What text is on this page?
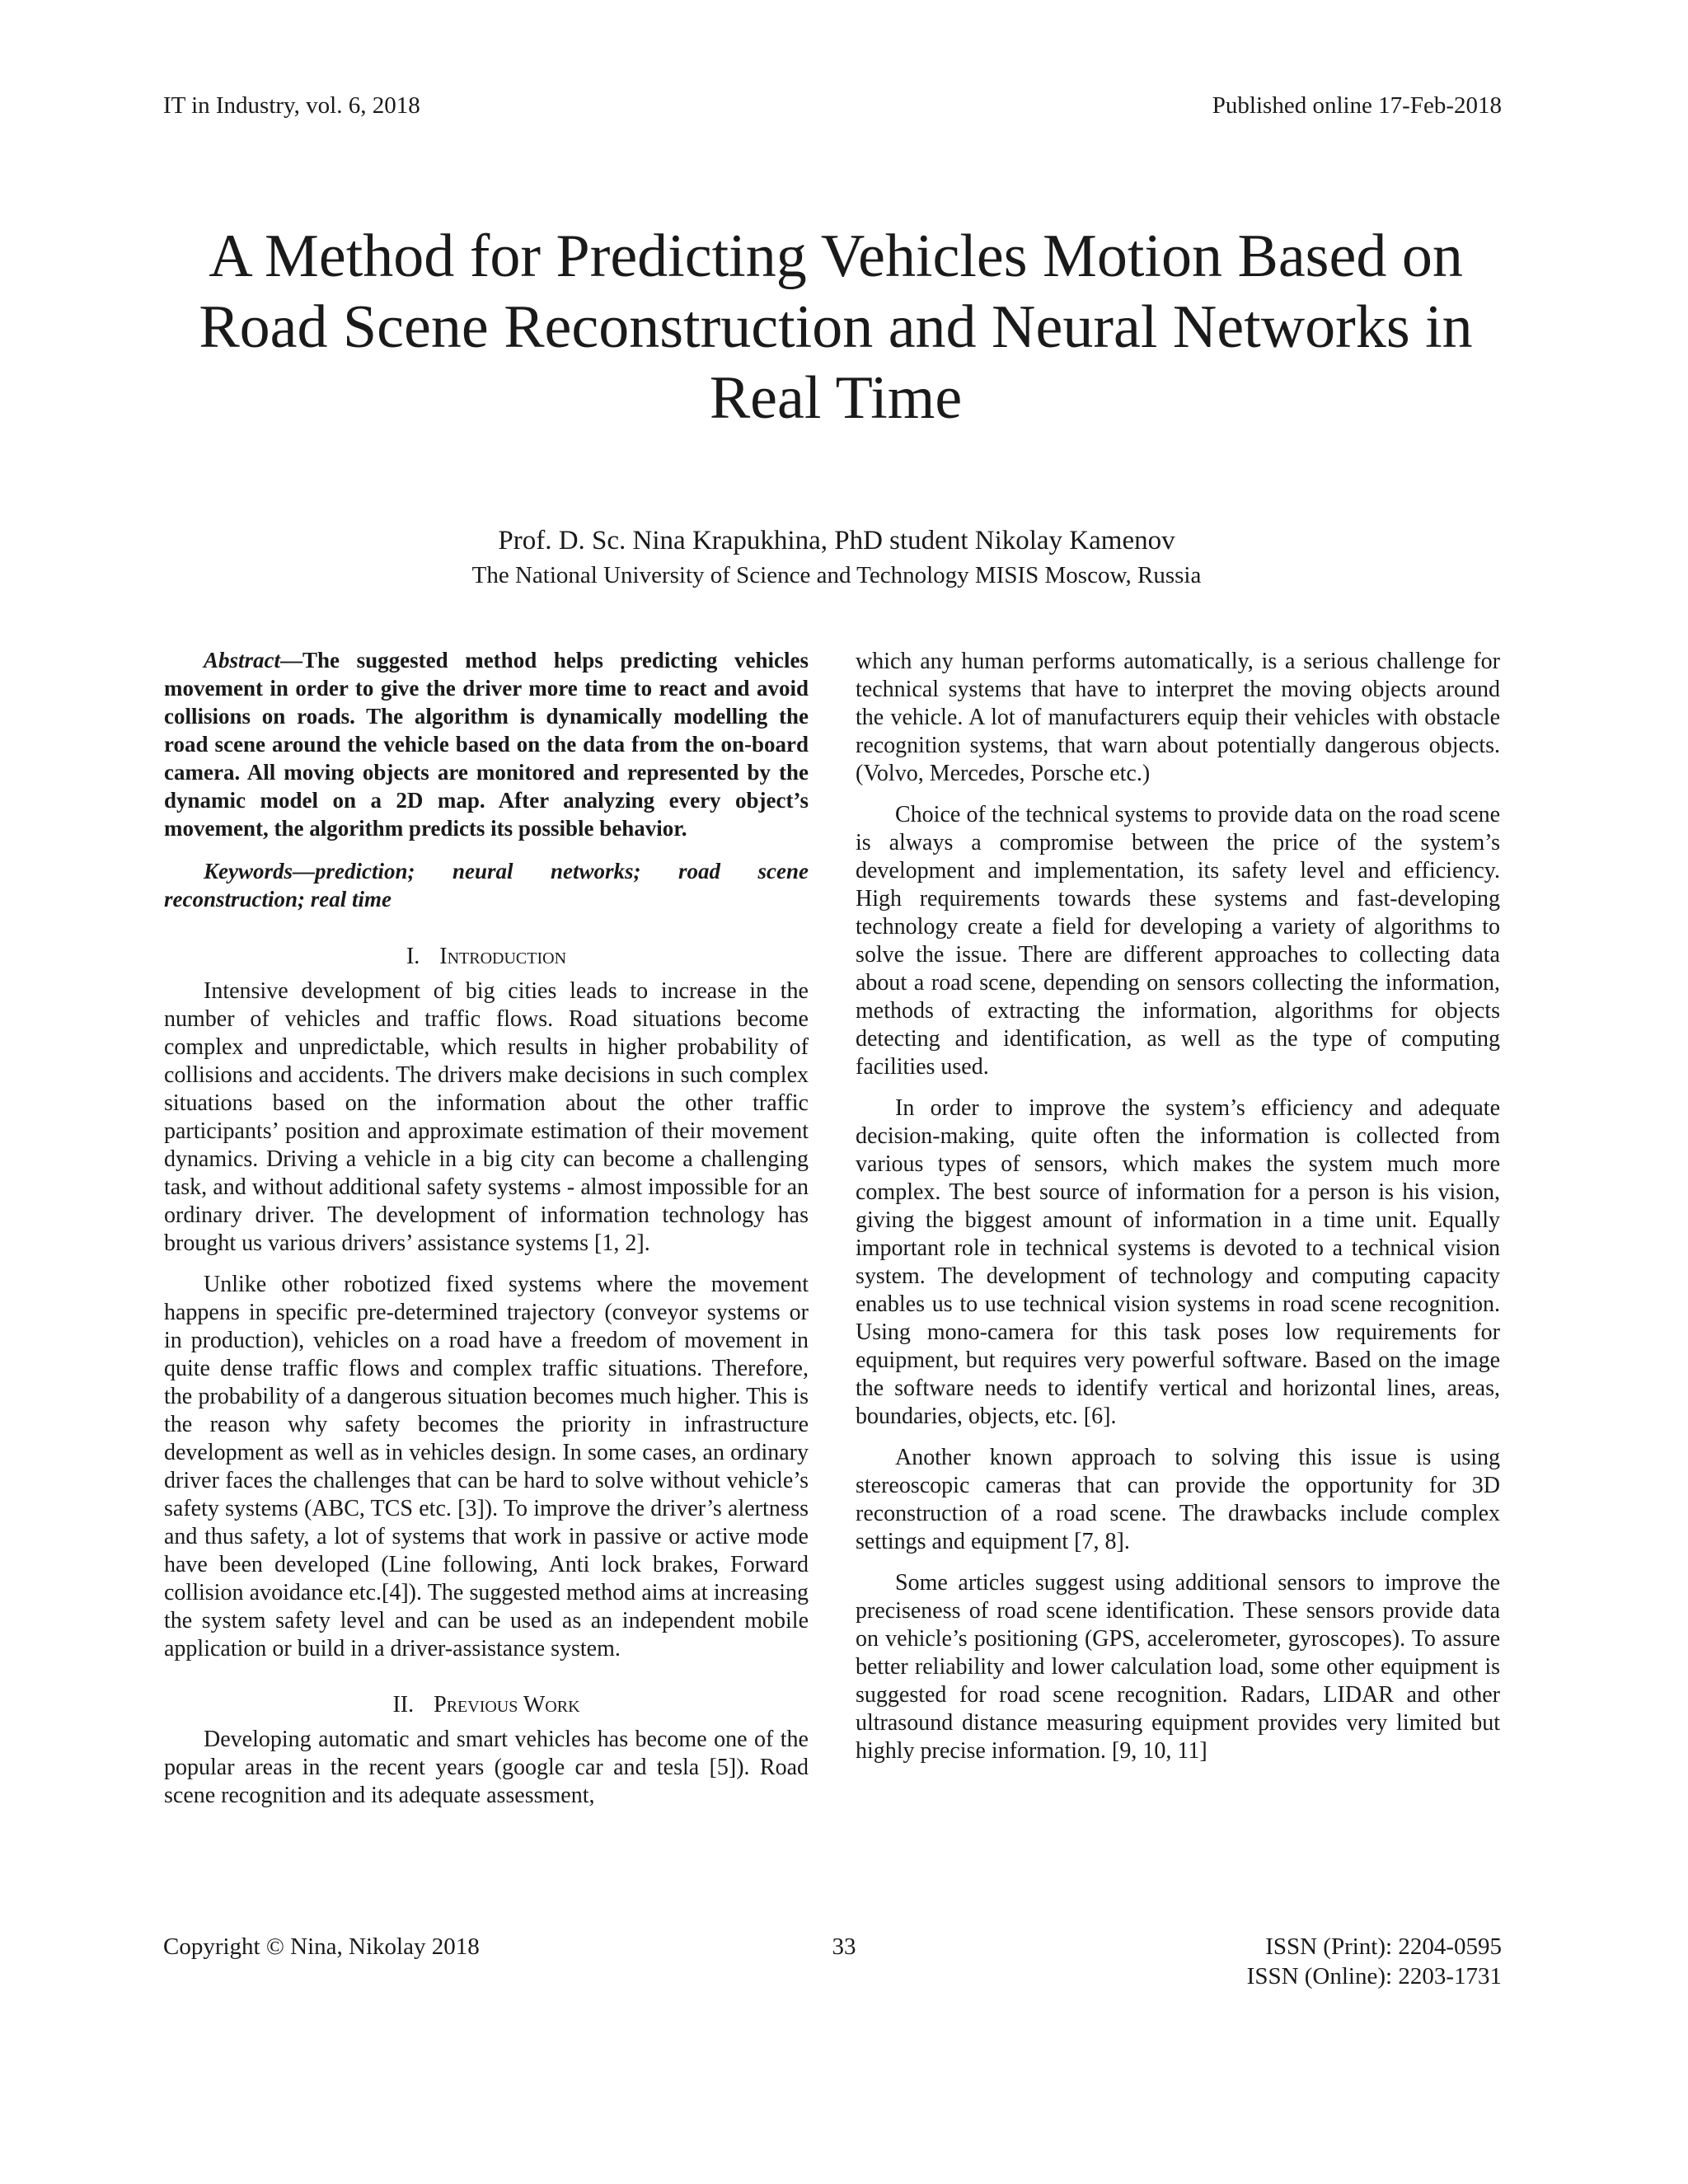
IT in Industry, vol. 6, 2018	Published online 17-Feb-2018
A Method for Predicting Vehicles Motion Based on Road Scene Reconstruction and Neural Networks in Real Time
Prof. D. Sc. Nina Krapukhina, PhD student Nikolay Kamenov
The National University of Science and Technology MISIS Moscow, Russia
Abstract—The suggested method helps predicting vehicles movement in order to give the driver more time to react and avoid collisions on roads. The algorithm is dynamically modelling the road scene around the vehicle based on the data from the on-board camera. All moving objects are monitored and represented by the dynamic model on a 2D map. After analyzing every object’s movement, the algorithm predicts its possible behavior.
Keywords—prediction; neural networks; road scene reconstruction; real time
I. Introduction

Intensive development of big cities leads to increase in the number of vehicles and traffic flows. Road situations become complex and unpredictable, which results in higher probability of collisions and accidents. The drivers make decisions in such complex situations based on the information about the other traffic participants’ position and approximate estimation of their movement dynamics. Driving a vehicle in a big city can become a challenging task, and without additional safety systems - almost impossible for an ordinary driver. The development of information technology has brought us various drivers’ assistance systems [1, 2].

Unlike other robotized fixed systems where the movement happens in specific pre-determined trajectory (conveyor systems or in production), vehicles on a road have a freedom of movement in quite dense traffic flows and complex traffic situations. Therefore, the probability of a dangerous situation becomes much higher. This is the reason why safety becomes the priority in infrastructure development as well as in vehicles design. In some cases, an ordinary driver faces the challenges that can be hard to solve without vehicle’s safety systems (ABC, TCS etc. [3]). To improve the driver’s alertness and thus safety, a lot of systems that work in passive or active mode have been developed (Line following, Anti lock brakes, Forward collision avoidance etc.[4]). The suggested method aims at increasing the system safety level and can be used as an independent mobile application or build in a driver-assistance system.

II. Previous Work

Developing automatic and smart vehicles has become one of the popular areas in the recent years (google car and tesla [5]). Road scene recognition and its adequate assessment,

which any human performs automatically, is a serious challenge for technical systems that have to interpret the moving objects around the vehicle. A lot of manufacturers equip their vehicles with obstacle recognition systems, that warn about potentially dangerous objects. (Volvo, Mercedes, Porsche etc.)

Choice of the technical systems to provide data on the road scene is always a compromise between the price of the system’s development and implementation, its safety level and efficiency. High requirements towards these systems and fast-developing technology create a field for developing a variety of algorithms to solve the issue. There are different approaches to collecting data about a road scene, depending on sensors collecting the information, methods of extracting the information, algorithms for objects detecting and identification, as well as the type of computing facilities used.

In order to improve the system’s efficiency and adequate decision-making, quite often the information is collected from various types of sensors, which makes the system much more complex. The best source of information for a person is his vision, giving the biggest amount of information in a time unit. Equally important role in technical systems is devoted to a technical vision system. The development of technology and computing capacity enables us to use technical vision systems in road scene recognition. Using mono-camera for this task poses low requirements for equipment, but requires very powerful software. Based on the image the software needs to identify vertical and horizontal lines, areas, boundaries, objects, etc. [6].

Another known approach to solving this issue is using stereoscopic cameras that can provide the opportunity for 3D reconstruction of a road scene. The drawbacks include complex settings and equipment [7, 8].

Some articles suggest using additional sensors to improve the preciseness of road scene identification. These sensors provide data on vehicle’s positioning (GPS, accelerometer, gyroscopes). To assure better reliability and lower calculation load, some other equipment is suggested for road scene recognition. Radars, LIDAR and other ultrasound distance measuring equipment provides very limited but highly precise information. [9, 10, 11]

Copyright © Nina, Nikolay 2018	33	ISSN (Print): 2204-0595
ISSN (Online): 2203-1731
